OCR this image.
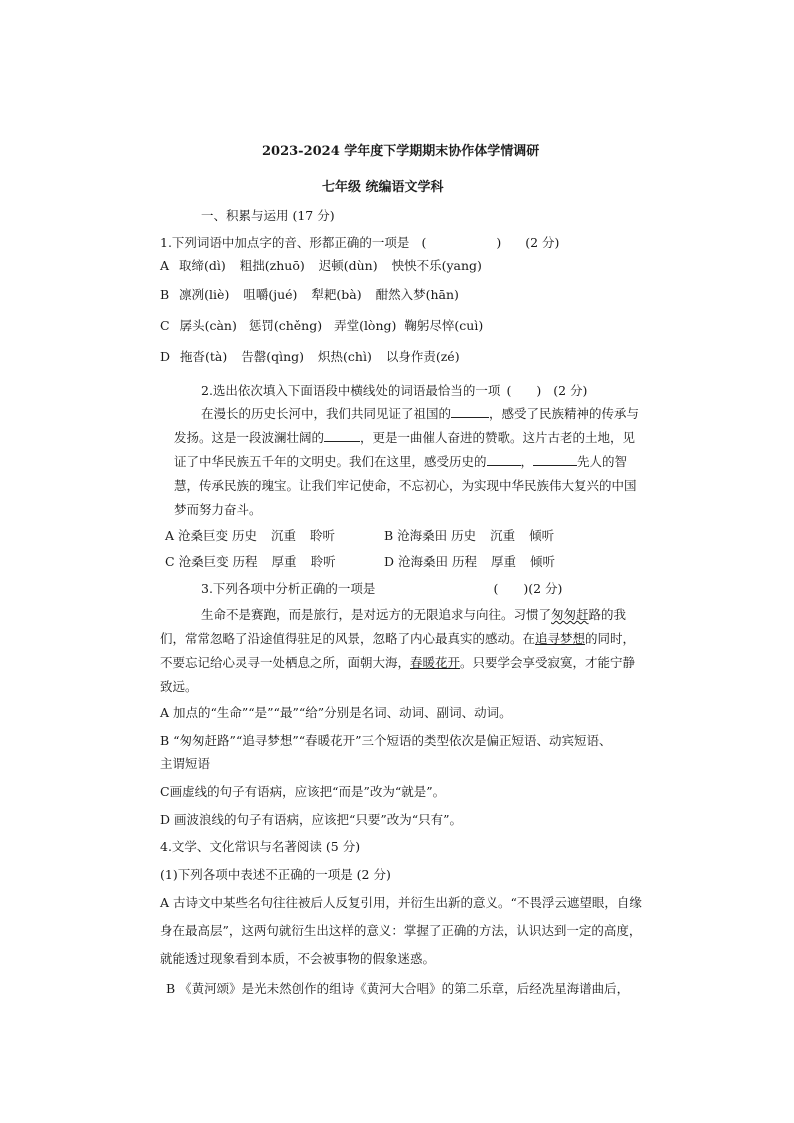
2023-2024 学年度下学期期末协作体学情调研
七年级 统编语文学科
一、积累与运用 (17 分)
1.下列词语中加点字的音、形都正确的一项是 (	) (2 分)
A 取缔(dì) 粗拙(zhuō) 迟顿(dùn) 怏怏不乐(yang)
B 凛冽(liè) 咀嚼(jué) 犁耙(bà) 酣然入梦(hān)
C 孱头(càn) 惩罚(chěng) 弄堂(lòng) 鞠躬尽悴(cuì)
D 拖沓(tà) 告罄(qìng) 炽热(chì) 以身作责(zé)
2.选出依次填入下面语段中横线处的词语最恰当的一项 (　　) (2 分)
在漫长的历史长河中，我们共同见证了祖国的	，感受了民族精神的传承与
发扬。这是一段波澜壮阔的	，更是一曲催人奋进的赞歌。这片古老的土地，见
证了中华民族五千年的文明史。我们在这里，感受历史的	，	先人的智
慧，传承民族的瑰宝。让我们牢记使命，不忘初心，为实现中华民族伟大复兴的中国
梦而努力奋斗。
A 沧桑巨变 历史 沉重 聆听	B 沧海桑田 历史 沉重 倾听
C 沧桑巨变 历程 厚重 聆听	D 沧海桑田 历程 厚重 倾听
3.下列各项中分析正确的一项是	(　　)(2 分)
生命不是赛跑，而是旅行，是对远方的无限追求与向往。习惯了匆匆赶路的我
们，常常忽略了沿途值得驻足的风景，忽略了内心最真实的感动。在追寻梦想的同时，
不要忘记给心灵寻一处栖息之所，面朝大海，春暖花开。只要学会享受寂寞，才能宁静
致远。
A 加点的“生命”“是”“最”“给”分别是名词、动词、副词、动词。
B “匆匆赶路”“追寻梦想”“春暖花开”三个短语的类型依次是偏正短语、动宾短语、
主谓短语
C画虚线的句子有语病，应该把“而是”改为“就是”。
D 画波浪线的句子有语病，应该把“只要”改为“只有”。
4.文学、文化常识与名著阅读 (5 分)
(1)下列各项中表述不正确的一项是 (2 分)
A 古诗文中某些名句往往被后人反复引用，并衍生出新的意义。“不畏浮云遮望眼，自缘
身在最高层”，这两句就衍生出这样的意义：掌握了正确的方法，认识达到一定的高度，
就能透过现象看到本质，不会被事物的假象迷惑。
B 《黄河颂》是光未然创作的组诗《黄河大合唱》的第二乐章，后经冼星海谱曲后，
